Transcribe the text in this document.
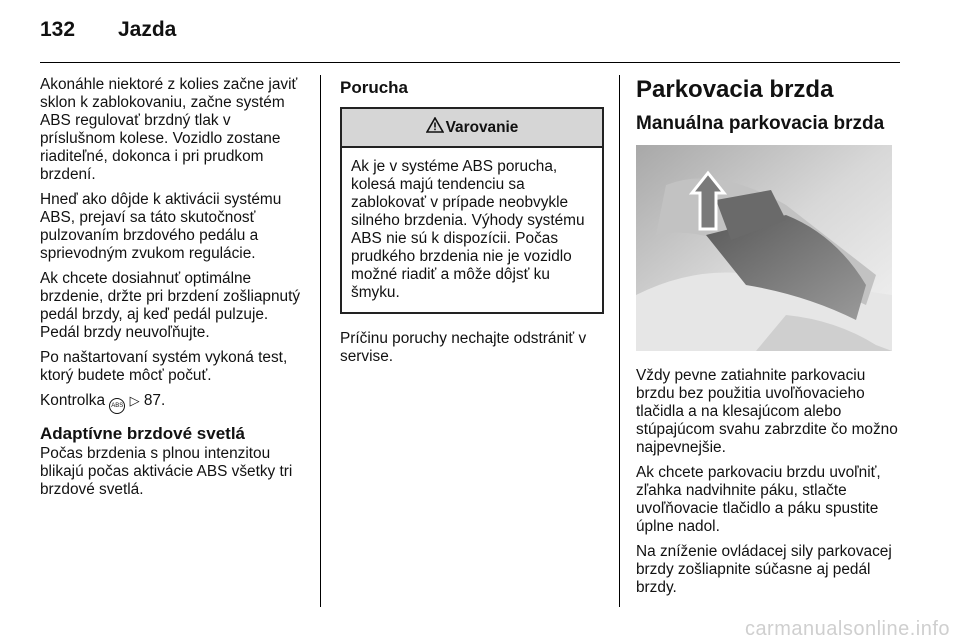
132 Jazda

Akonáhle niektoré z kolies začne javiť sklon k zablokovaniu, začne systém ABS regulovať brzdný tlak v príslušnom kolese. Vozidlo zostane riaditeľné, dokonca i pri prudkom brzdení.

Hneď ako dôjde k aktivácii systému ABS, prejaví sa táto skutočnosť pulzovaním brzdového pedálu a sprievodným zvukom regulácie.

Ak chcete dosiahnuť optimálne brzdenie, držte pri brzdení zošliapnutý pedál brzdy, aj keď pedál pulzuje. Pedál brzdy neuvoľňujte.

Po naštartovaní systém vykoná test, ktorý budete môcť počuť.

Kontrolka ABS ▷ 87.

Adaptívne brzdové svetlá

Počas brzdenia s plnou intenzitou blikajú počas aktivácie ABS všetky tri brzdové svetlá.

Porucha
Varovanie
Ak je v systéme ABS porucha, kolesá majú tendenciu sa zablokovať v prípade neobvykle silného brzdenia. Výhody systému ABS nie sú k dispozícii. Počas prudkého brzdenia nie je vozidlo možné riadiť a môže dôjsť ku šmyku.

Príčinu poruchy nechajte odstrániť v servise.

Parkovacia brzda
Manuálna parkovacia brzda

Vždy pevne zatiahnite parkovaciu brzdu bez použitia uvoľňovacieho tlačidla a na klesajúcom alebo stúpajúcom svahu zabrzdite čo možno najpevnejšie.

Ak chcete parkovaciu brzdu uvoľniť, zľahka nadvihnite páku, stlačte uvoľňovacie tlačidlo a páku spustite úplne nadol.

Na zníženie ovládacej sily parkovacej brzdy zošliapnite súčasne aj pedál brzdy.

carmanualsonline.info
